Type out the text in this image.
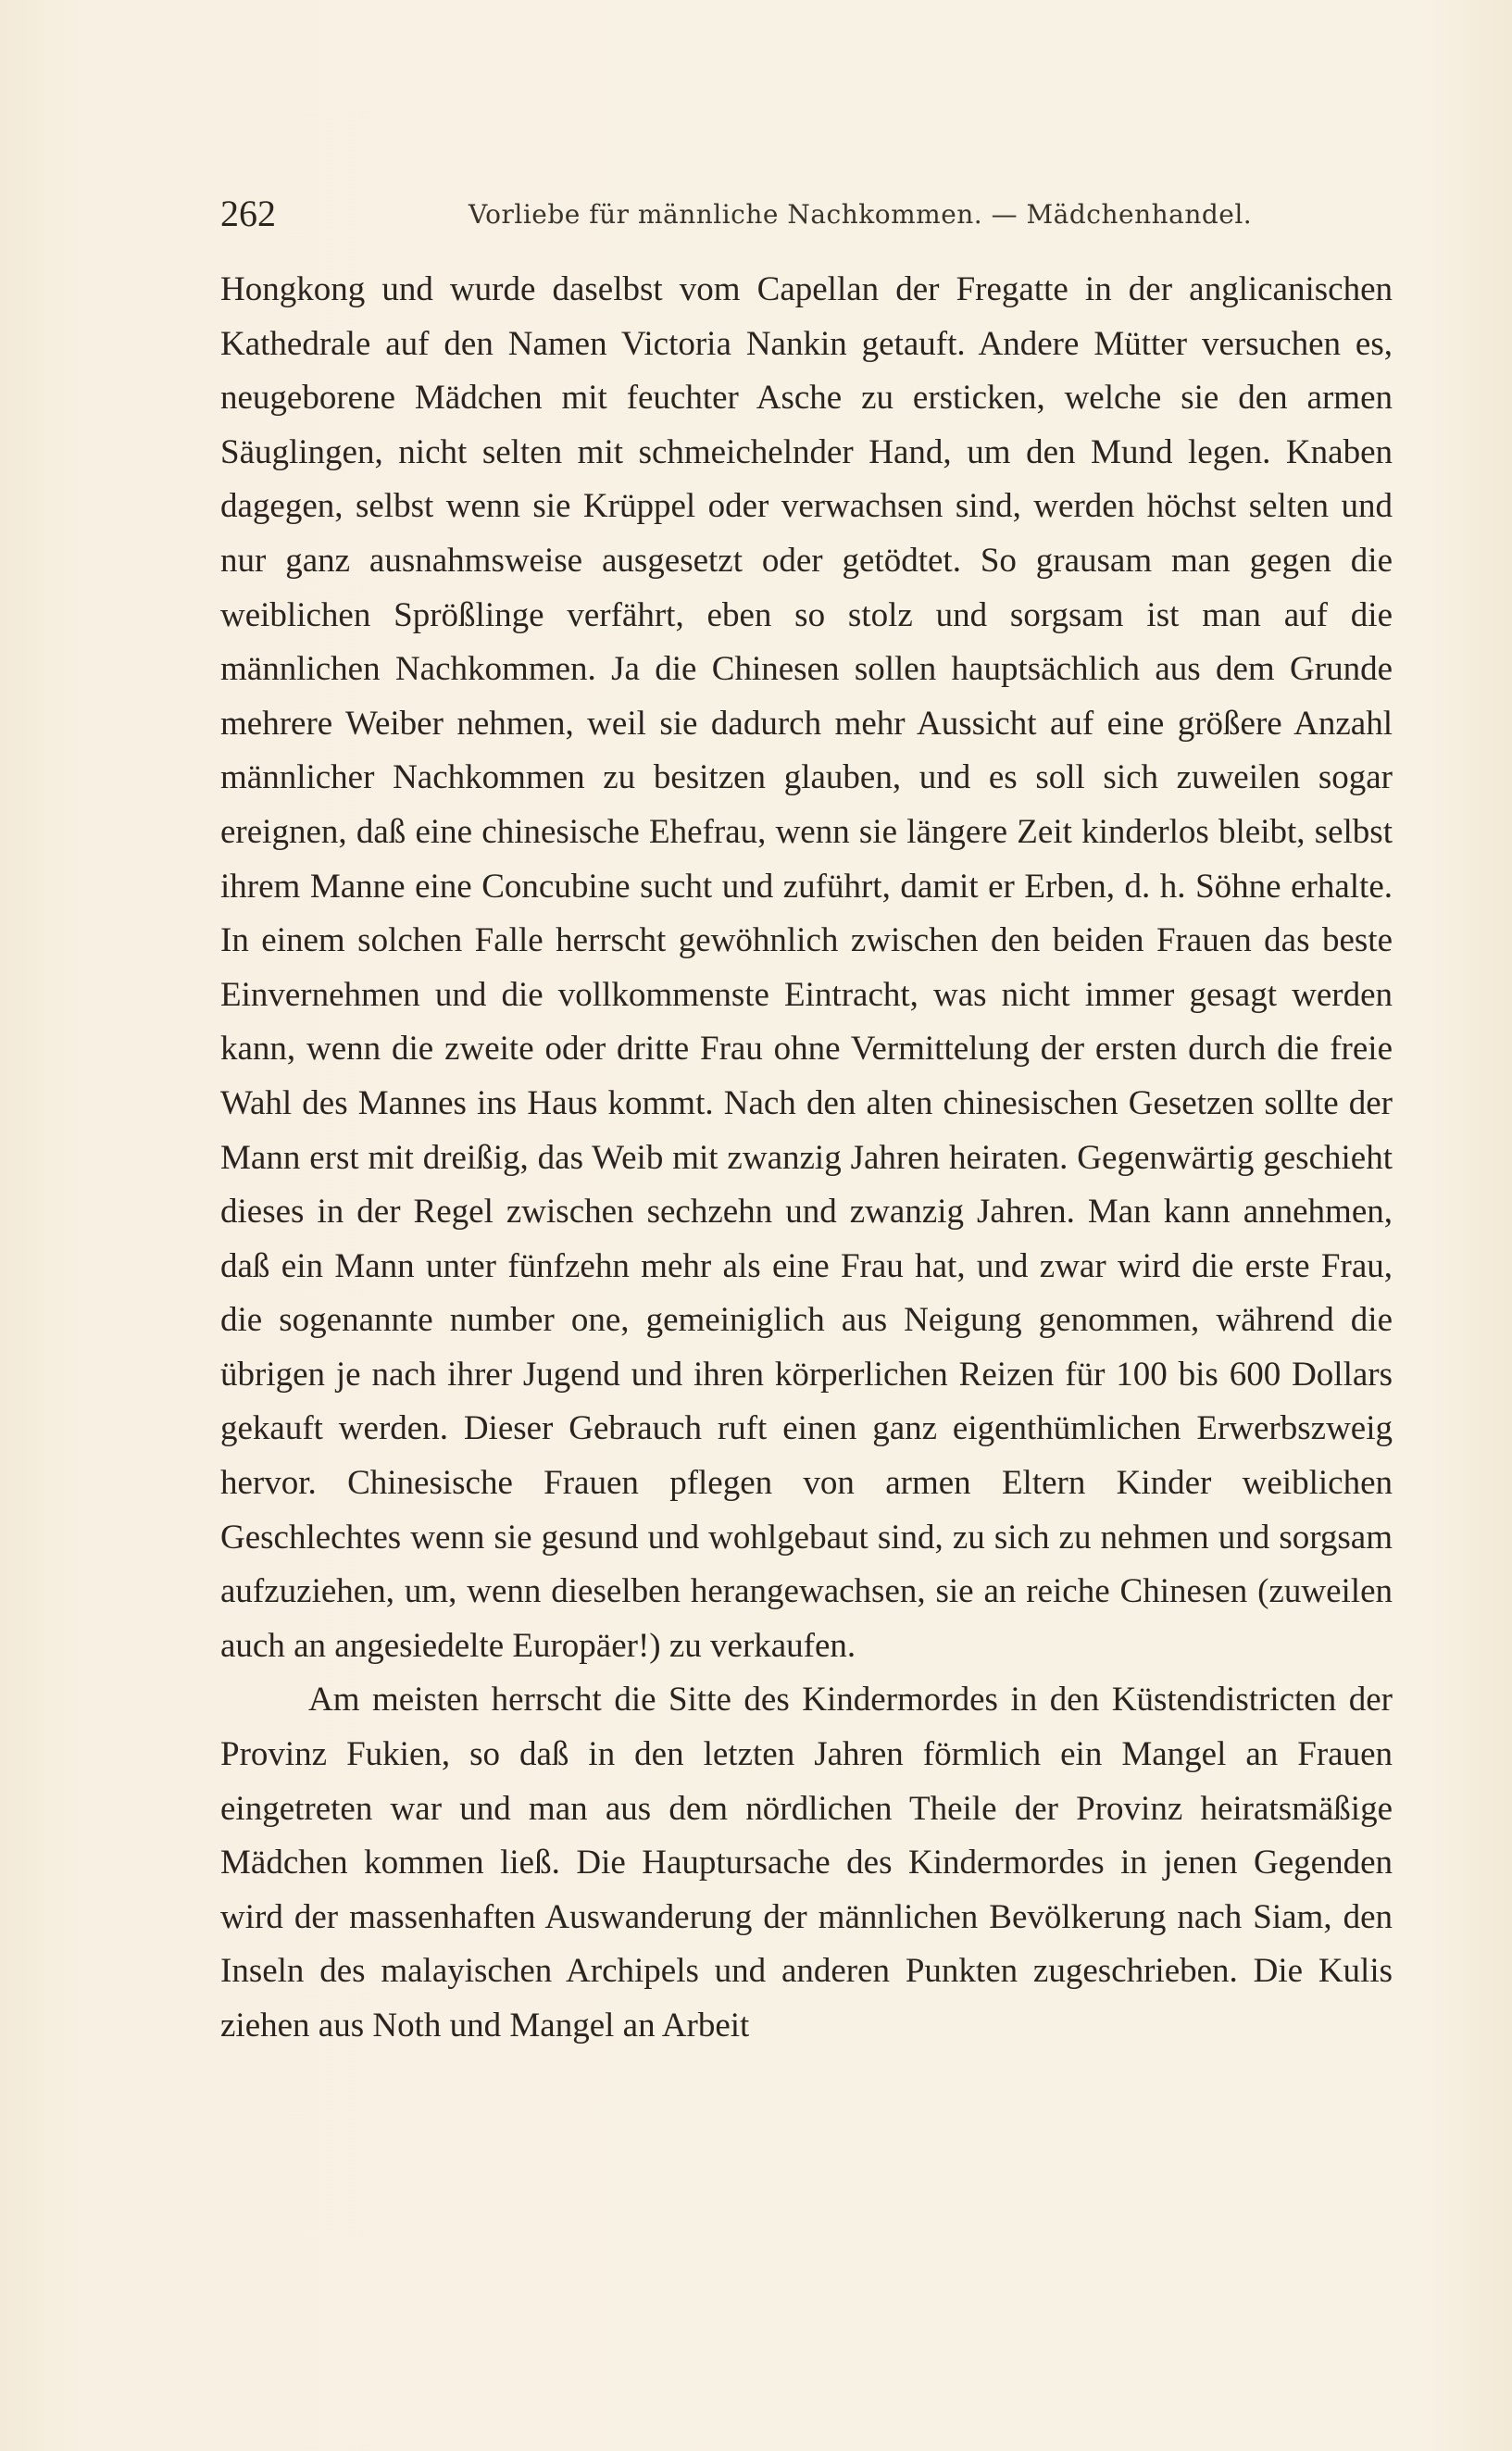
262	Vorliebe für männliche Nachkommen. — Mädchenhandel.

Hongkong und wurde daselbst vom Capellan der Fregatte in der anglicanischen Kathedrale auf den Namen Victoria Nankin getauft. Andere Mütter versuchen es, neugeborene Mädchen mit feuchter Asche zu ersticken, welche sie den armen Säuglingen, nicht selten mit schmeichelnder Hand, um den Mund legen. Knaben dagegen, selbst wenn sie Krüppel oder verwachsen sind, werden höchst selten und nur ganz ausnahmsweise ausgesetzt oder getödtet. So grausam man gegen die weiblichen Sprößlinge verfährt, eben so stolz und sorgsam ist man auf die männlichen Nachkommen. Ja die Chinesen sollen hauptsächlich aus dem Grunde mehrere Weiber nehmen, weil sie dadurch mehr Aussicht auf eine größere Anzahl männlicher Nachkommen zu besitzen glauben, und es soll sich zuweilen sogar ereignen, daß eine chinesische Ehefrau, wenn sie längere Zeit kinderlos bleibt, selbst ihrem Manne eine Concubine sucht und zuführt, damit er Erben, d. h. Söhne erhalte. In einem solchen Falle herrscht gewöhnlich zwischen den beiden Frauen das beste Einvernehmen und die vollkommenste Eintracht, was nicht immer gesagt werden kann, wenn die zweite oder dritte Frau ohne Vermittelung der ersten durch die freie Wahl des Mannes ins Haus kommt. Nach den alten chinesischen Gesetzen sollte der Mann erst mit dreißig, das Weib mit zwanzig Jahren heiraten. Gegenwärtig geschieht dieses in der Regel zwischen sechzehn und zwanzig Jahren. Man kann annehmen, daß ein Mann unter fünfzehn mehr als eine Frau hat, und zwar wird die erste Frau, die sogenannte number one, gemeiniglich aus Neigung genommen, während die übrigen je nach ihrer Jugend und ihren körperlichen Reizen für 100 bis 600 Dollars gekauft werden. Dieser Gebrauch ruft einen ganz eigenthümlichen Erwerbszweig hervor. Chinesische Frauen pflegen von armen Eltern Kinder weiblichen Geschlechtes wenn sie gesund und wohlgebaut sind, zu sich zu nehmen und sorgsam aufzuziehen, um, wenn dieselben herangewachsen, sie an reiche Chinesen (zuweilen auch an angesiedelte Europäer!) zu verkaufen.

Am meisten herrscht die Sitte des Kindermordes in den Küstendistricten der Provinz Fukien, so daß in den letzten Jahren förmlich ein Mangel an Frauen eingetreten war und man aus dem nördlichen Theile der Provinz heiratsmäßige Mädchen kommen ließ. Die Hauptursache des Kindermordes in jenen Gegenden wird der massenhaften Auswanderung der männlichen Bevölkerung nach Siam, den Inseln des malayischen Archipels und anderen Punkten zugeschrieben. Die Kulis ziehen aus Noth und Mangel an Arbeit
